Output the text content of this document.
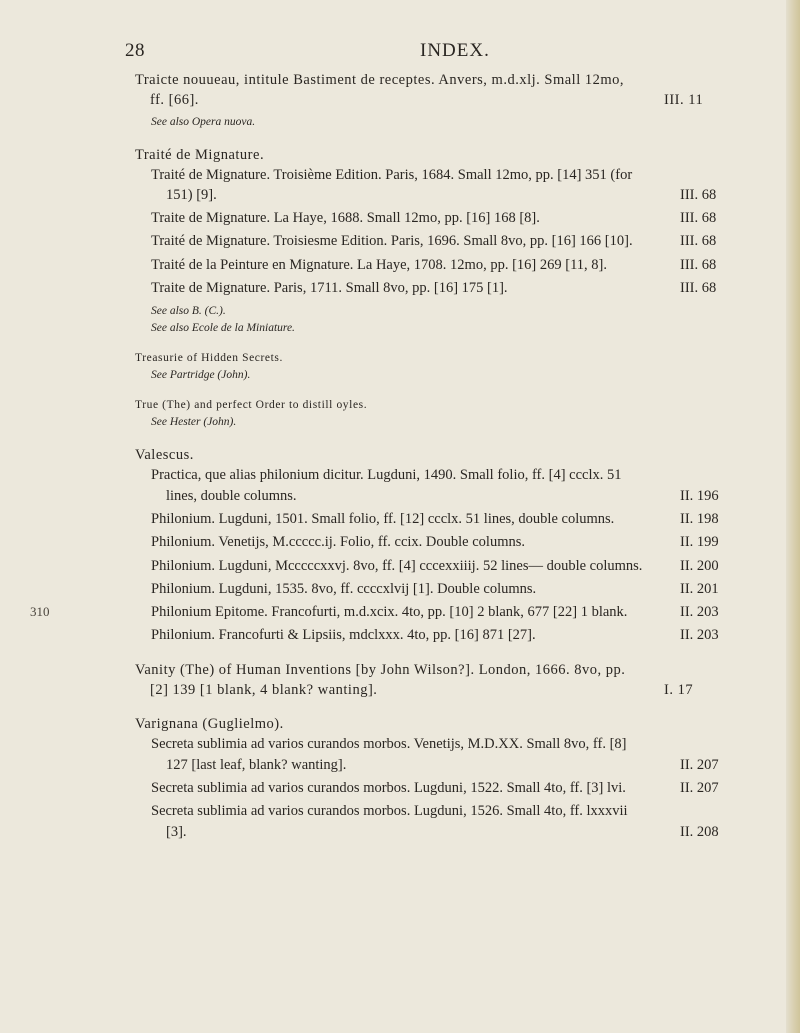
28	INDEX.
310
Traicte nouueau, intitule Bastiment de receptes. Anvers, m.d.xlj. Small 12mo, ff. [66].	III. 11
See also Opera nuova.
Traité de Mignature.
Traité de Mignature. Troisième Edition. Paris, 1684. Small 12mo, pp. [14] 351 (for 151) [9].	III. 68
Traite de Mignature. La Haye, 1688. Small 12mo, pp. [16] 168 [8].	III. 68
Traité de Mignature. Troisiesme Edition. Paris, 1696. Small 8vo, pp. [16] 166 [10].	III. 68
Traité de la Peinture en Mignature. La Haye, 1708. 12mo, pp. [16] 269 [11, 8].	III. 68
Traite de Mignature. Paris, 1711. Small 8vo, pp. [16] 175 [1].	III. 68
See also B. (C.).
See also Ecole de la Miniature.
Treasurie of Hidden Secrets.
See Partridge (John).
True (The) and perfect Order to distill oyles.
See Hester (John).
Valescus.
Practica, que alias philonium dicitur. Lugduni, 1490. Small folio, ff. [4] ccclx. 51 lines, double columns.	II. 196
Philonium. Lugduni, 1501. Small folio, ff. [12] ccclx. 51 lines, double columns.	II. 198
Philonium. Venetijs, M.ccccc.ij. Folio, ff. ccix. Double columns.	II. 199
Philonium. Lugduni, Mcccccxxvj. 8vo, ff. [4] cccexxiiij. 52 lines— double columns.	II. 200
Philonium. Lugduni, 1535. 8vo, ff. ccccxlvij [1]. Double columns.	II. 201
Philonium Epitome. Francofurti, m.d.xcix. 4to, pp. [10] 2 blank, 677 [22] 1 blank.	II. 203
Philonium. Francofurti & Lipsiis, mdclxxx. 4to, pp. [16] 871 [27].	II. 203
Vanity (The) of Human Inventions [by John Wilson?]. London, 1666. 8vo, pp. [2] 139 [1 blank, 4 blank? wanting].	I. 17
Varignana (Guglielmo).
Secreta sublimia ad varios curandos morbos. Venetijs, M.D.XX. Small 8vo, ff. [8] 127 [last leaf, blank? wanting].	II. 207
Secreta sublimia ad varios curandos morbos. Lugduni, 1522. Small 4to, ff. [3] lvi.	II. 207
Secreta sublimia ad varios curandos morbos. Lugduni, 1526. Small 4to, ff. lxxxvii [3].	II. 208
